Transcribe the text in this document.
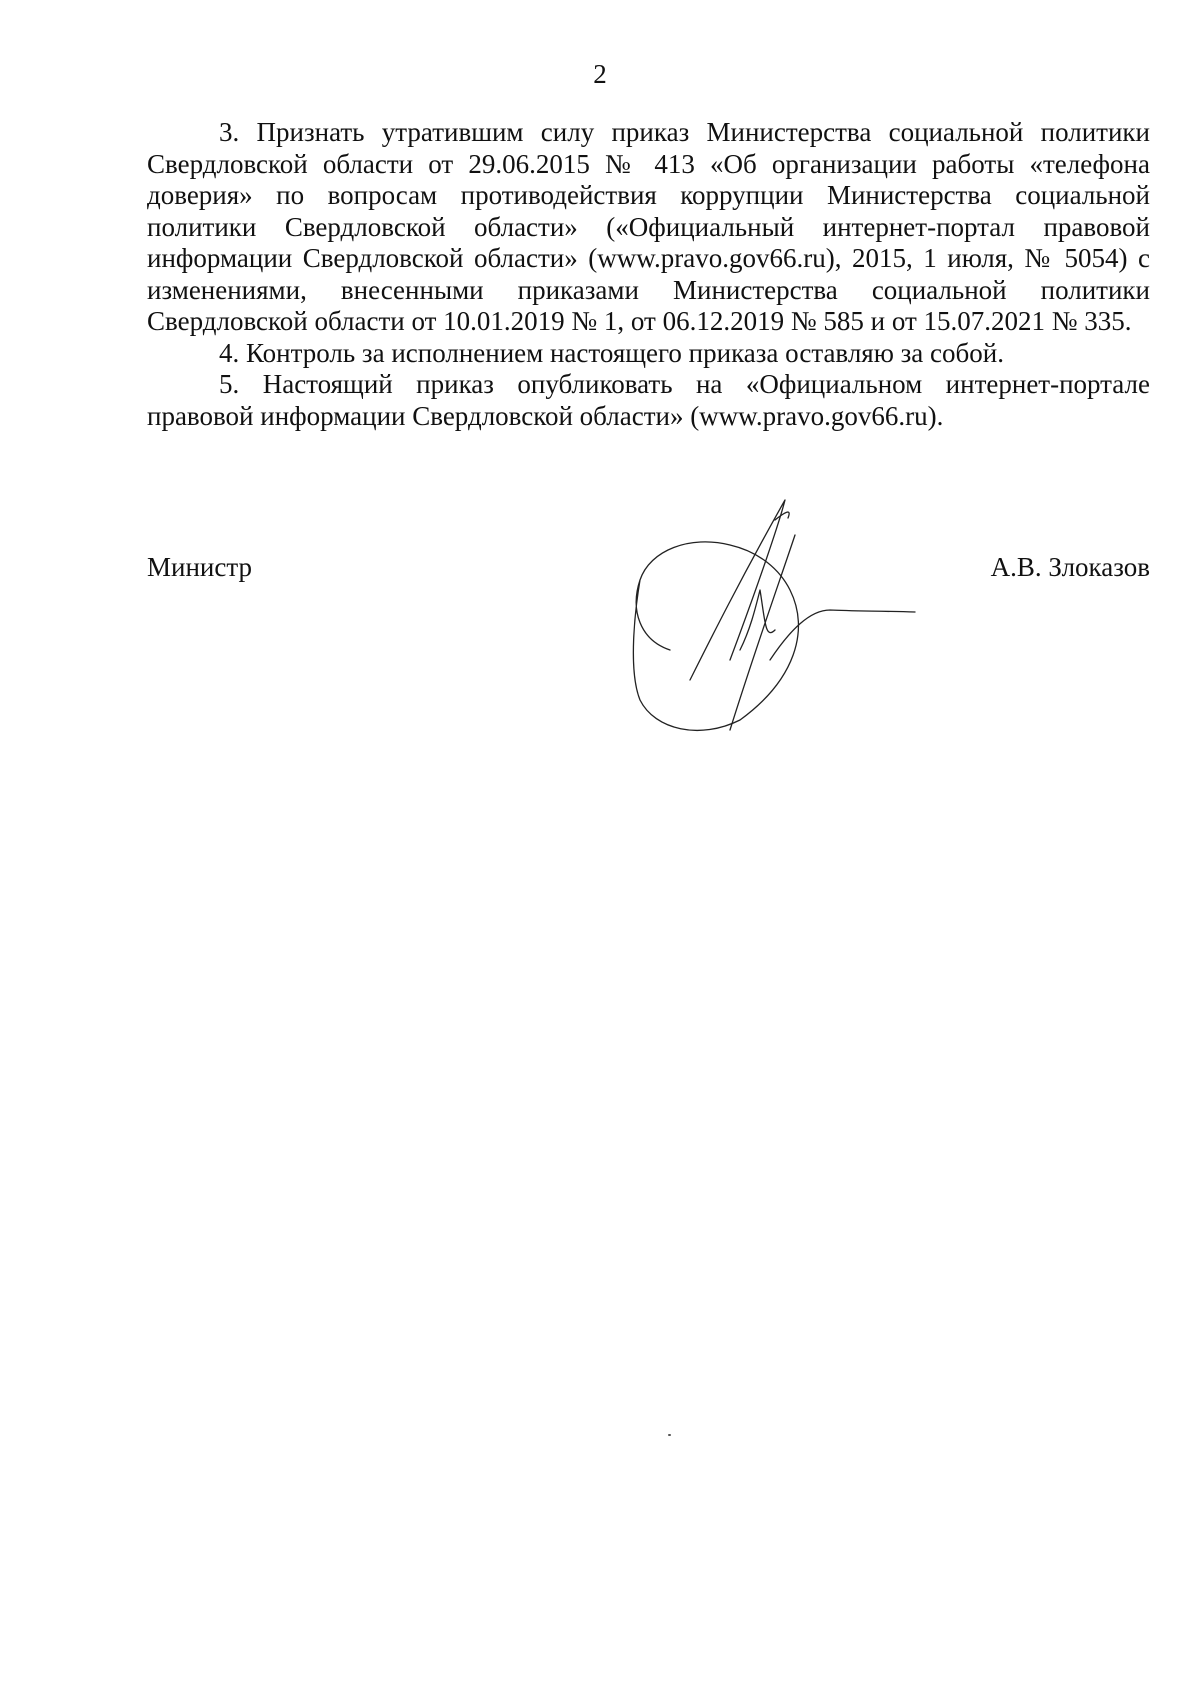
2

3. Признать утратившим силу приказ Министерства социальной политики Свердловской области от 29.06.2015 № 413 «Об организации работы «телефона доверия» по вопросам противодействия коррупции Министерства социальной политики Свердловской области» («Официальный интернет-портал правовой информации Свердловской области» (www.pravo.gov66.ru), 2015, 1 июля, № 5054) с изменениями, внесенными приказами Министерства социальной политики Свердловской области от 10.01.2019 № 1, от 06.12.2019 № 585 и от 15.07.2021 № 335.

4. Контроль за исполнением настоящего приказа оставляю за собой.

5. Настоящий приказ опубликовать на «Официальном интернет-портале правовой информации Свердловской области» (www.pravo.gov66.ru).

Министр	А.В. Злоказов
